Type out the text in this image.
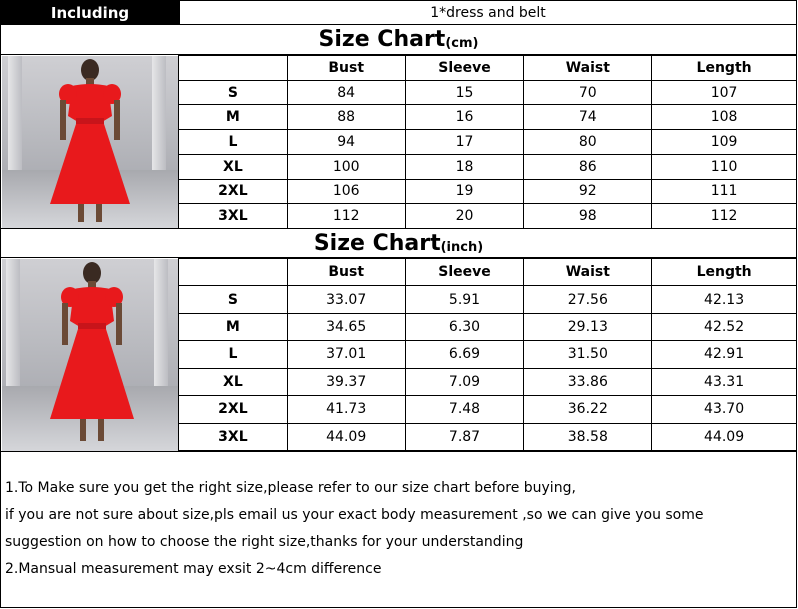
Including	1*dress and belt
Size Chart (cm)
	Bust	Sleeve	Waist	Length
S	84	15	70	107
M	88	16	74	108
L	94	17	80	109
XL	100	18	86	110
2XL	106	19	92	111
3XL	112	20	98	112
Size Chart (inch)
	Bust	Sleeve	Waist	Length
S	33.07	5.91	27.56	42.13
M	34.65	6.30	29.13	42.52
L	37.01	6.69	31.50	42.91
XL	39.37	7.09	33.86	43.31
2XL	41.73	7.48	36.22	43.70
3XL	44.09	7.87	38.58	44.09

1.To Make sure you get the right size,please refer to our size chart before buying,

if you are not sure about size,pls email us your exact body measurement ,so we can give you some

suggestion on how to choose the right size,thanks for your understanding

2.Mansual measurement may exsit 2~4cm difference
